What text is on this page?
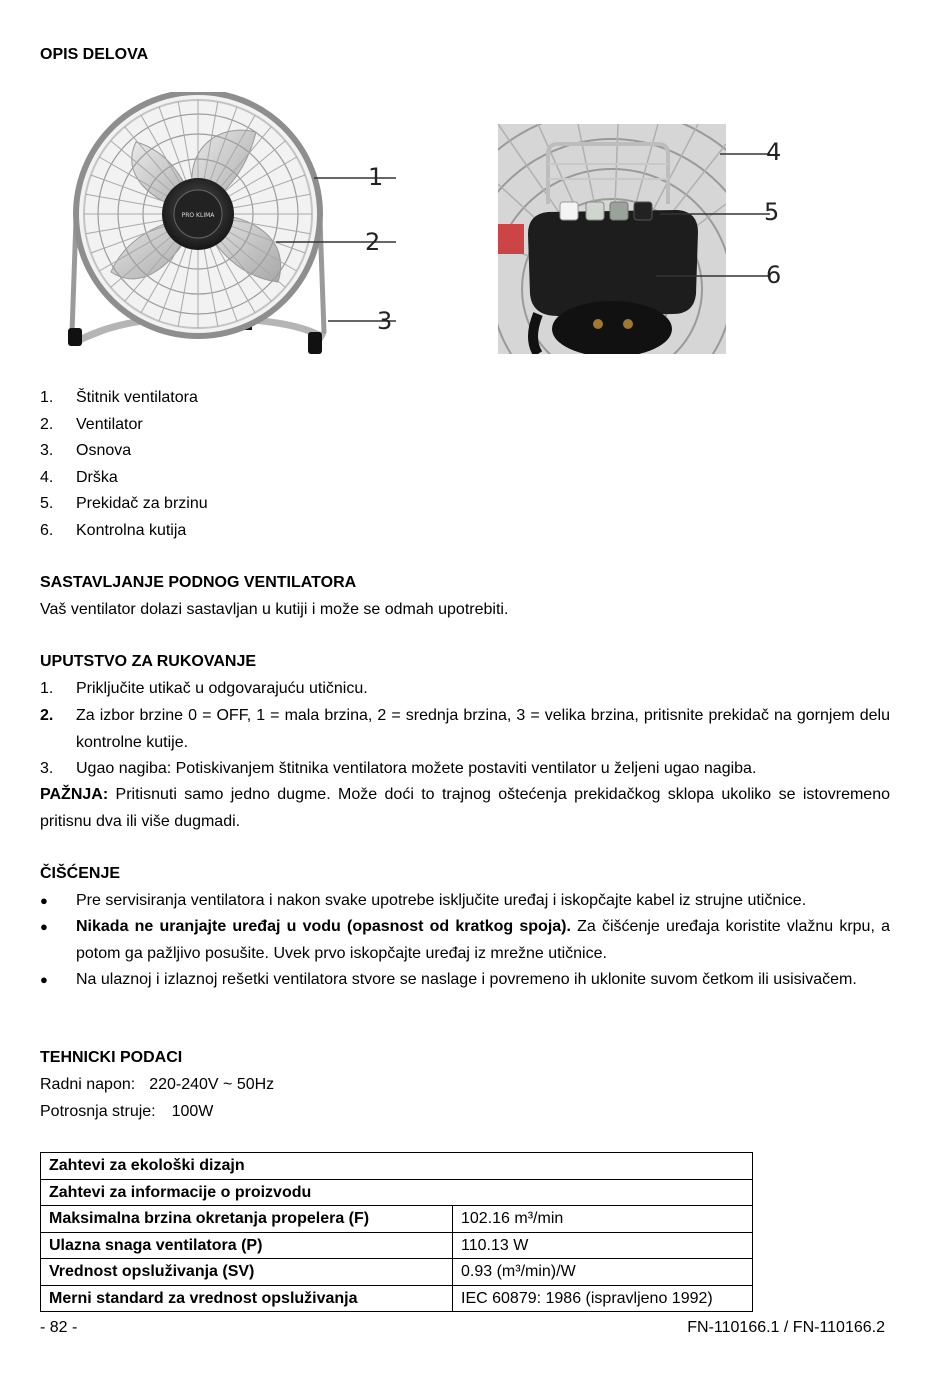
OPIS DELOVA
PRO KLIMA
1
2
3
4
5
6
1. Štitnik ventilatora
2. Ventilator
3. Osnova
4. Drška
5. Prekidač za brzinu
6. Kontrolna kutija
SASTAVLJANJE PODNOG VENTILATORA
Vaš ventilator dolazi sastavljan u kutiji i može se odmah upotrebiti.
UPUTSTVO ZA RUKOVANJE
1. Priključite utikač u odgovarajuću utičnicu.
2. Za izbor brzine 0 = OFF, 1 = mala brzina, 2 = srednja brzina, 3 = velika brzina, pritisnite prekidač na gornjem delu kontrolne kutije.
3. Ugao nagiba: Potiskivanjem štitnika ventilatora možete postaviti ventilator u željeni ugao nagiba.
PAŽNJA: Pritisnuti samo jedno dugme. Može doći to trajnog oštećenja prekidačkog sklopa ukoliko se istovremeno pritisnu dva ili više dugmadi.
ČIŠĆENJE
● Pre servisiranja ventilatora i nakon svake upotrebe isključite uređaj i iskopčajte kabel iz strujne utičnice.
● Nikada ne uranjajte uređaj u vodu (opasnost od kratkog spoja). Za čišćenje uređaja koristite vlažnu krpu, a potom ga pažljivo posušite. Uvek prvo iskopčajte uređaj iz mrežne utičnice.
● Na ulaznoj i izlaznoj rešetki ventilatora stvore se naslage i povremeno ih uklonite suvom četkom ili usisivačem.
TEHNICKI PODACI
Radni napon: 220-240V ~ 50Hz
Potrosnja struje: 100W
Zahtevi za ekološki dizajn	
Zahtevi za informacije o proizvodu	
Maksimalna brzina okretanja propelera (F)	102.16 m³/min
Ulazna snaga ventilatora (P)	110.13 W
Vrednost opsluživanja (SV)	0.93 (m³/min)/W
Merni standard za vrednost opsluživanja	IEC 60879: 1986 (ispravljeno 1992)
- 82 -	FN-110166.1 / FN-110166.2
